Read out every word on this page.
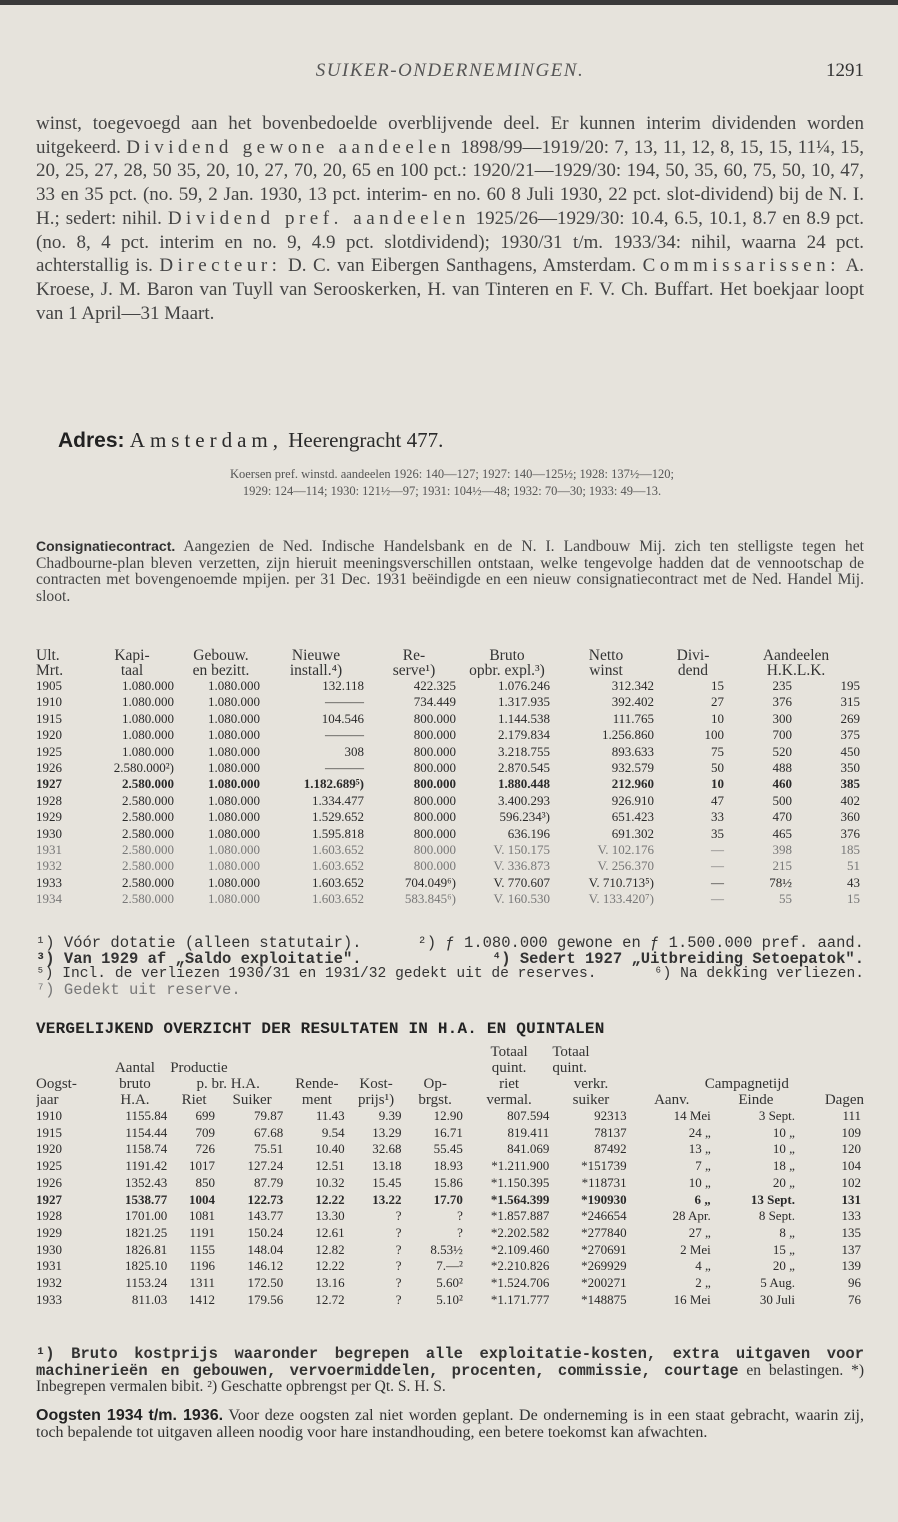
SUIKER-ONDERNEMINGEN.	1291
winst, toegevoegd aan het bovenbedoelde overblijvende deel. Er kunnen interim dividenden worden uitgekeerd. Dividend gewone aandeelen 1898/99—1919/20: 7, 13, 11, 12, 8, 15, 15, 11¼, 15, 20, 25, 27, 28, 50 35, 20, 10, 27, 70, 20, 65 en 100 pct.: 1920/21—1929/30: 194, 50, 35, 60, 75, 50, 10, 47, 33 en 35 pct. (no. 59, 2 Jan. 1930, 13 pct. interim- en no. 60 8 Juli 1930, 22 pct. slot-dividend) bij de N. I. H.; sedert: nihil. Dividend pref. aandeelen 1925/26—1929/30: 10.4, 6.5, 10.1, 8.7 en 8.9 pct. (no. 8, 4 pct. interim en no. 9, 4.9 pct. slotdividend); 1930/31 t/m. 1933/34: nihil, waarna 24 pct. achterstallig is. Directeur: D. C. van Eibergen Santhagens, Amsterdam. Commissarissen: A. Kroese, J. M. Baron van Tuyll van Serooskerken, H. van Tinteren en F. V. Ch. Buffart. Het boekjaar loopt van 1 April—31 Maart.
Adres: Amsterdam, Heerengracht 477.
Koersen pref. winstd. aandeelen 1926: 140—127; 1927: 140—125½; 1928: 137½—120;
1929: 124—114; 1930: 121½—97; 1931: 104½—48; 1932: 70—30; 1933: 49—13.
Consignatiecontract. Aangezien de Ned. Indische Handelsbank en de N. I. Landbouw Mij. zich ten stelligste tegen het Chadbourne-plan bleven verzetten, zijn hieruit meeningsverschillen ontstaan, welke tengevolge hadden dat de vennootschap de contracten met bovengenoemde mpijen. per 31 Dec. 1931 beëindigde en een nieuw consignatiecontract met de Ned. Handel Mij. sloot.
Ult.	Kapi-	Gebouw.	Nieuwe	Re-	Bruto	Netto	Divi-	Aandeelen	
Mrt.	taal	en bezitt.	install.⁴)	serve¹)	opbr. expl.³)	winst	dend	H.K.L.K.	
1905	1.080.000	1.080.000	132.118	422.325	1.076.246	312.342	15	235	195
1910	1.080.000	1.080.000	———	734.449	1.317.935	392.402	27	376	315
1915	1.080.000	1.080.000	104.546	800.000	1.144.538	111.765	10	300	269
1920	1.080.000	1.080.000	———	800.000	2.179.834	1.256.860	100	700	375
1925	1.080.000	1.080.000	308	800.000	3.218.755	893.633	75	520	450
1926	2.580.000²)	1.080.000	———	800.000	2.870.545	932.579	50	488	350
1927	2.580.000	1.080.000	1.182.689⁵)	800.000	1.880.448	212.960	10	460	385
1928	2.580.000	1.080.000	1.334.477	800.000	3.400.293	926.910	47	500	402
1929	2.580.000	1.080.000	1.529.652	800.000	596.234³)	651.423	33	470	360
1930	2.580.000	1.080.000	1.595.818	800.000	636.196	691.302	35	465	376
1931	2.580.000	1.080.000	1.603.652	800.000	V. 150.175	V. 102.176	—	398	185
1932	2.580.000	1.080.000	1.603.652	800.000	V. 336.873	V. 256.370	—	215	51
1933	2.580.000	1.080.000	1.603.652	704.049⁶)	V. 770.607	V. 710.713⁵)	—	78½	43
1934	2.580.000	1.080.000	1.603.652	583.845⁶)	V. 160.530	V. 133.420⁷)	—	55	15
¹) Vóór dotatie (alleen statutair).	²) ƒ 1.080.000 gewone en ƒ 1.500.000 pref. aand.
³) Van 1929 af „Saldo exploitatie".	⁴) Sedert 1927 „Uitbreiding Setoepatok".
⁵) Incl. de verliezen 1930/31 en 1931/32 gedekt uit de reserves.	⁶) Na dekking verliezen.
⁷) Gedekt uit reserve.
VERGELIJKEND OVERZICHT DER RESULTATEN IN H.A. EN QUINTALEN
							Totaal	Totaal			
	Aantal	Productie					quint.	quint.			
Oogst-	bruto	p. br. H.A.		Rende-	Kost-	Op-	riet	verkr.	Campagnetijd		
jaar	H.A.	Riet	Suiker	ment	prijs¹)	brgst.	vermal.	suiker	Aanv.	Einde	Dagen
1910	1155.84	699	79.87	11.43	9.39	12.90	807.594	92313	14 Mei	3 Sept.	111
1915	1154.44	709	67.68	9.54	13.29	16.71	819.411	78137	24 „	10 „	109
1920	1158.74	726	75.51	10.40	32.68	55.45	841.069	87492	13 „	10 „	120
1925	1191.42	1017	127.24	12.51	13.18	18.93	*1.211.900	*151739	7 „	18 „	104
1926	1352.43	850	87.79	10.32	15.45	15.86	*1.150.395	*118731	10 „	20 „	102
1927	1538.77	1004	122.73	12.22	13.22	17.70	*1.564.399	*190930	6 „	13 Sept.	131
1928	1701.00	1081	143.77	13.30	?	?	*1.857.887	*246654	28 Apr.	8 Sept.	133
1929	1821.25	1191	150.24	12.61	?	?	*2.202.582	*277840	27 „	8 „	135
1930	1826.81	1155	148.04	12.82	?	8.53½	*2.109.460	*270691	2 Mei	15 „	137
1931	1825.10	1196	146.12	12.22	?	7.—²	*2.210.826	*269929	4 „	20 „	139
1932	1153.24	1311	172.50	13.16	?	5.60²	*1.524.706	*200271	2 „	5 Aug.	96
1933	811.03	1412	179.56	12.72	?	5.10²	*1.171.777	*148875	16 Mei	30 Juli	76
¹) Bruto kostprijs waaronder begrepen alle exploitatie-kosten, extra uitgaven voor machinerieën en gebouwen, vervoermiddelen, procenten, commissie, courtage en belastingen. *) Inbegrepen vermalen bibit. ²) Geschatte opbrengst per Qt. S. H. S.
Oogsten 1934 t/m. 1936. Voor deze oogsten zal niet worden geplant. De onderneming is in een staat gebracht, waarin zij, toch bepalende tot uitgaven alleen noodig voor hare instandhouding, een betere toekomst kan afwachten.
